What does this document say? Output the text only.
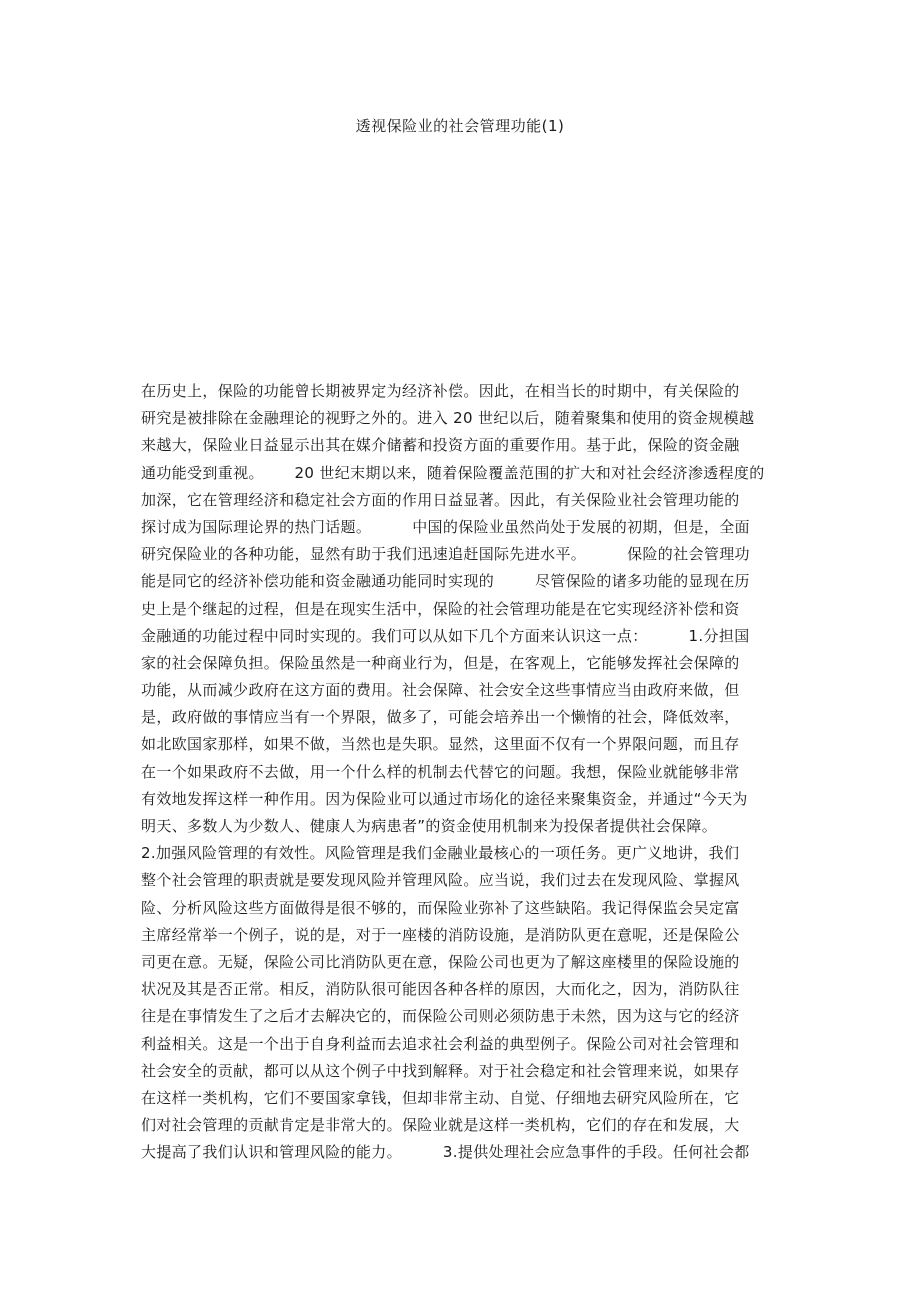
透视保险业的社会管理功能(1)
在历史上，保险的功能曾长期被界定为经济补偿。因此，在相当长的时期中，有关保险的
研究是被排除在金融理论的视野之外的。进入 20 世纪以后，随着聚集和使用的资金规模越
来越大，保险业日益显示出其在媒介储蓄和投资方面的重要作用。基于此，保险的资金融
通功能受到重视。      20 世纪末期以来，随着保险覆盖范围的扩大和对社会经济渗透程度的
加深，它在管理经济和稳定社会方面的作用日益显著。因此，有关保险业社会管理功能的
探讨成为国际理论界的热门话题。        中国的保险业虽然尚处于发展的初期，但是，全面
研究保险业的各种功能，显然有助于我们迅速追赶国际先进水平。        保险的社会管理功
能是同它的经济补偿功能和资金融通功能同时实现的        尽管保险的诸多功能的显现在历
史上是个继起的过程，但是在现实生活中，保险的社会管理功能是在它实现经济补偿和资
金融通的功能过程中同时实现的。我们可以从如下几个方面来认识这一点：        1.分担国
家的社会保障负担。保险虽然是一种商业行为，但是，在客观上，它能够发挥社会保障的
功能，从而减少政府在这方面的费用。社会保障、社会安全这些事情应当由政府来做，但
是，政府做的事情应当有一个界限，做多了，可能会培养出一个懒惰的社会，降低效率，
如北欧国家那样，如果不做，当然也是失职。显然，这里面不仅有一个界限问题，而且存
在一个如果政府不去做，用一个什么样的机制去代替它的问题。我想，保险业就能够非常
有效地发挥这样一种作用。因为保险业可以通过市场化的途径来聚集资金，并通过“今天为
明天、多数人为少数人、健康人为病患者”的资金使用机制来为投保者提供社会保障。
2.加强风险管理的有效性。风险管理是我们金融业最核心的一项任务。更广义地讲，我们
整个社会管理的职责就是要发现风险并管理风险。应当说，我们过去在发现风险、掌握风
险、分析风险这些方面做得是很不够的，而保险业弥补了这些缺陷。我记得保监会吴定富
主席经常举一个例子，说的是，对于一座楼的消防设施，是消防队更在意呢，还是保险公
司更在意。无疑，保险公司比消防队更在意，保险公司也更为了解这座楼里的保险设施的
状况及其是否正常。相反，消防队很可能因各种各样的原因，大而化之，因为，消防队往
往是在事情发生了之后才去解决它的，而保险公司则必须防患于未然，因为这与它的经济
利益相关。这是一个出于自身利益而去追求社会利益的典型例子。保险公司对社会管理和
社会安全的贡献，都可以从这个例子中找到解释。对于社会稳定和社会管理来说，如果存
在这样一类机构，它们不要国家拿钱，但却非常主动、自觉、仔细地去研究风险所在，它
们对社会管理的贡献肯定是非常大的。保险业就是这样一类机构，它们的存在和发展，大
大提高了我们认识和管理风险的能力。        3.提供处理社会应急事件的手段。任何社会都
